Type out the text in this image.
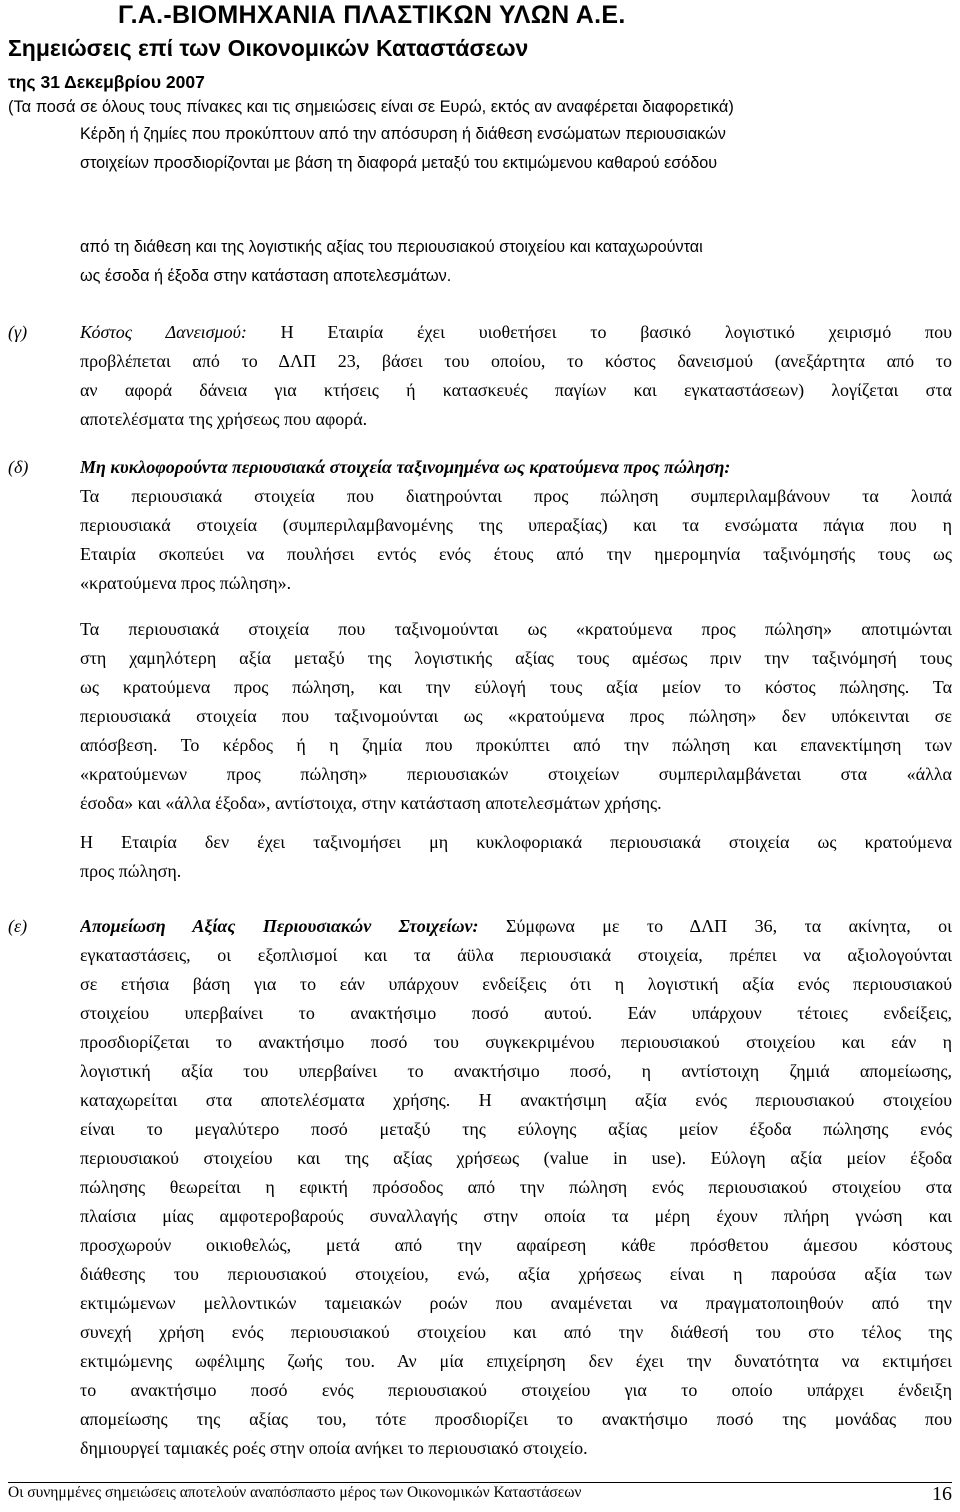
Γ.Α.-ΒΙΟΜΗΧΑΝΙΑ ΠΛΑΣΤΙΚΩΝ ΥΛΩΝ Α.Ε.
Σημειώσεις επί των Οικονομικών Καταστάσεων
της 31 Δεκεμβρίου 2007
(Τα ποσά σε όλους τους πίνακες και τις σημειώσεις είναι σε Ευρώ, εκτός αν αναφέρεται διαφορετικά)
Κέρδη ή ζημίες που προκύπτουν από την απόσυρση ή διάθεση ενσώματων περιουσιακών
στοιχείων προσδιορίζονται με βάση τη διαφορά μεταξύ του εκτιμώμενου καθαρού εσόδου
από τη διάθεση και της λογιστικής αξίας του περιουσιακού στοιχείου και καταχωρούνται
ως έσοδα ή έξοδα στην κατάσταση αποτελεσμάτων.
(γ)	Κόστος Δανεισμού: Η Εταιρία έχει υιοθετήσει το βασικό λογιστικό χειρισμό που
προβλέπεται από το ΔΛΠ 23, βάσει του οποίου, το κόστος δανεισμού (ανεξάρτητα από το
αν αφορά δάνεια για κτήσεις ή κατασκευές παγίων και εγκαταστάσεων) λογίζεται στα
αποτελέσματα της χρήσεως που αφορά.
(δ)	Μη κυκλοφορούντα περιουσιακά στοιχεία ταξινομημένα ως κρατούμενα προς πώληση:
Τα περιουσιακά στοιχεία που διατηρούνται προς πώληση συμπεριλαμβάνουν τα λοιπά
περιουσιακά στοιχεία (συμπεριλαμβανομένης της υπεραξίας) και τα ενσώματα πάγια που η
Εταιρία σκοπεύει να πουλήσει εντός ενός έτους από την ημερομηνία ταξινόμησής τους ως
«κρατούμενα προς πώληση».
Τα περιουσιακά στοιχεία που ταξινομούνται ως «κρατούμενα προς πώληση» αποτιμώνται
στη χαμηλότερη αξία μεταξύ της λογιστικής αξίας τους αμέσως πριν την ταξινόμησή τους
ως κρατούμενα προς πώληση, και την εύλογή τους αξία μείον το κόστος πώλησης. Τα
περιουσιακά στοιχεία που ταξινομούνται ως «κρατούμενα προς πώληση» δεν υπόκεινται σε
απόσβεση. Το κέρδος ή η ζημία που προκύπτει από την πώληση και επανεκτίμηση των
«κρατούμενων προς πώληση» περιουσιακών στοιχείων συμπεριλαμβάνεται στα «άλλα
έσοδα» και «άλλα έξοδα», αντίστοιχα, στην κατάσταση αποτελεσμάτων χρήσης.
Η Εταιρία δεν έχει ταξινομήσει μη κυκλοφοριακά περιουσιακά στοιχεία ως κρατούμενα
προς πώληση.
(ε)	Απομείωση Αξίας Περιουσιακών Στοιχείων: Σύμφωνα με το ΔΛΠ 36, τα ακίνητα, οι
εγκαταστάσεις, οι εξοπλισμοί και τα άϋλα περιουσιακά στοιχεία, πρέπει να αξιολογούνται
σε ετήσια βάση για το εάν υπάρχουν ενδείξεις ότι η λογιστική αξία ενός περιουσιακού
στοιχείου υπερβαίνει το ανακτήσιμο ποσό αυτού. Εάν υπάρχουν τέτοιες ενδείξεις,
προσδιορίζεται το ανακτήσιμο ποσό του συγκεκριμένου περιουσιακού στοιχείου και εάν η
λογιστική αξία του υπερβαίνει το ανακτήσιμο ποσό, η αντίστοιχη ζημιά απομείωσης,
καταχωρείται στα αποτελέσματα χρήσης. Η ανακτήσιμη αξία ενός περιουσιακού στοιχείου
είναι το μεγαλύτερο ποσό μεταξύ της εύλογης αξίας μείον έξοδα πώλησης ενός
περιουσιακού στοιχείου και της αξίας χρήσεως (value in use). Εύλογη αξία μείον έξοδα
πώλησης θεωρείται η εφικτή πρόσοδος από την πώληση ενός περιουσιακού στοιχείου στα
πλαίσια μίας αμφοτεροβαρούς συναλλαγής στην οποία τα μέρη έχουν πλήρη γνώση και
προσχωρούν οικιοθελώς, μετά από την αφαίρεση κάθε πρόσθετου άμεσου κόστους
διάθεσης του περιουσιακού στοιχείου, ενώ, αξία χρήσεως είναι η παρούσα αξία των
εκτιμώμενων μελλοντικών ταμειακών ροών που αναμένεται να πραγματοποιηθούν από την
συνεχή χρήση ενός περιουσιακού στοιχείου και από την διάθεσή του στο τέλος της
εκτιμώμενης ωφέλιμης ζωής του. Αν μία επιχείρηση δεν έχει την δυνατότητα να εκτιμήσει
το ανακτήσιμο ποσό ενός περιουσιακού στοιχείου για το οποίο υπάρχει ένδειξη
απομείωσης της αξίας του, τότε προσδιορίζει το ανακτήσιμο ποσό της μονάδας που
δημιουργεί ταμιακές ροές στην οποία ανήκει το περιουσιακό στοιχείο.
Οι συνημμένες σημειώσεις αποτελούν αναπόσπαστο μέρος των Οικονομικών Καταστάσεων	16
